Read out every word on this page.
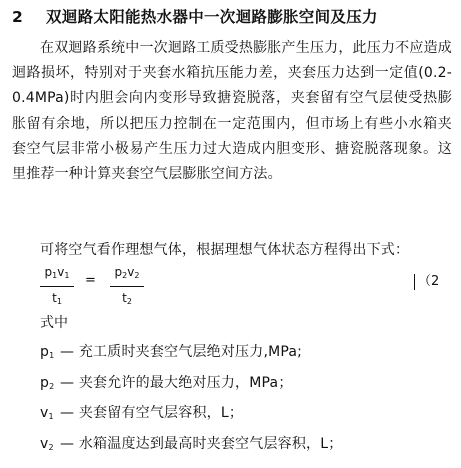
2 双迴路太阳能热水器中一次迴路膨胀空间及压力
在双迴路系统中一次迴路工质受热膨胀产生压力，此压力不应造成迴路损坏，特别对于夹套水箱抗压能力差，夹套压力达到一定值(0.2-0.4MPa)时内胆会向内变形导致搪瓷脱落，夹套留有空气层使受热膨胀留有余地，所以把压力控制在一定范围内，但市场上有些小水箱夹套空气层非常小极易产生压力过大造成内胆变形、搪瓷脱落现象。这里推荐一种计算夹套空气层膨胀空间方法。
可将空气看作理想气体，根据理想气体状态方程得出下式：
$p_1v_1$
$t_1$
=
$p_2v_2$
$t_2$
（2
式中
$p_1$ — 充工质时夹套空气层绝对压力,MPa;
$p_2$ — 夹套允许的最大绝对压力，MPa；
$v_1$ — 夹套留有空气层容积，L；
$v_2$ — 水箱温度达到最高时夹套空气层容积，L；
